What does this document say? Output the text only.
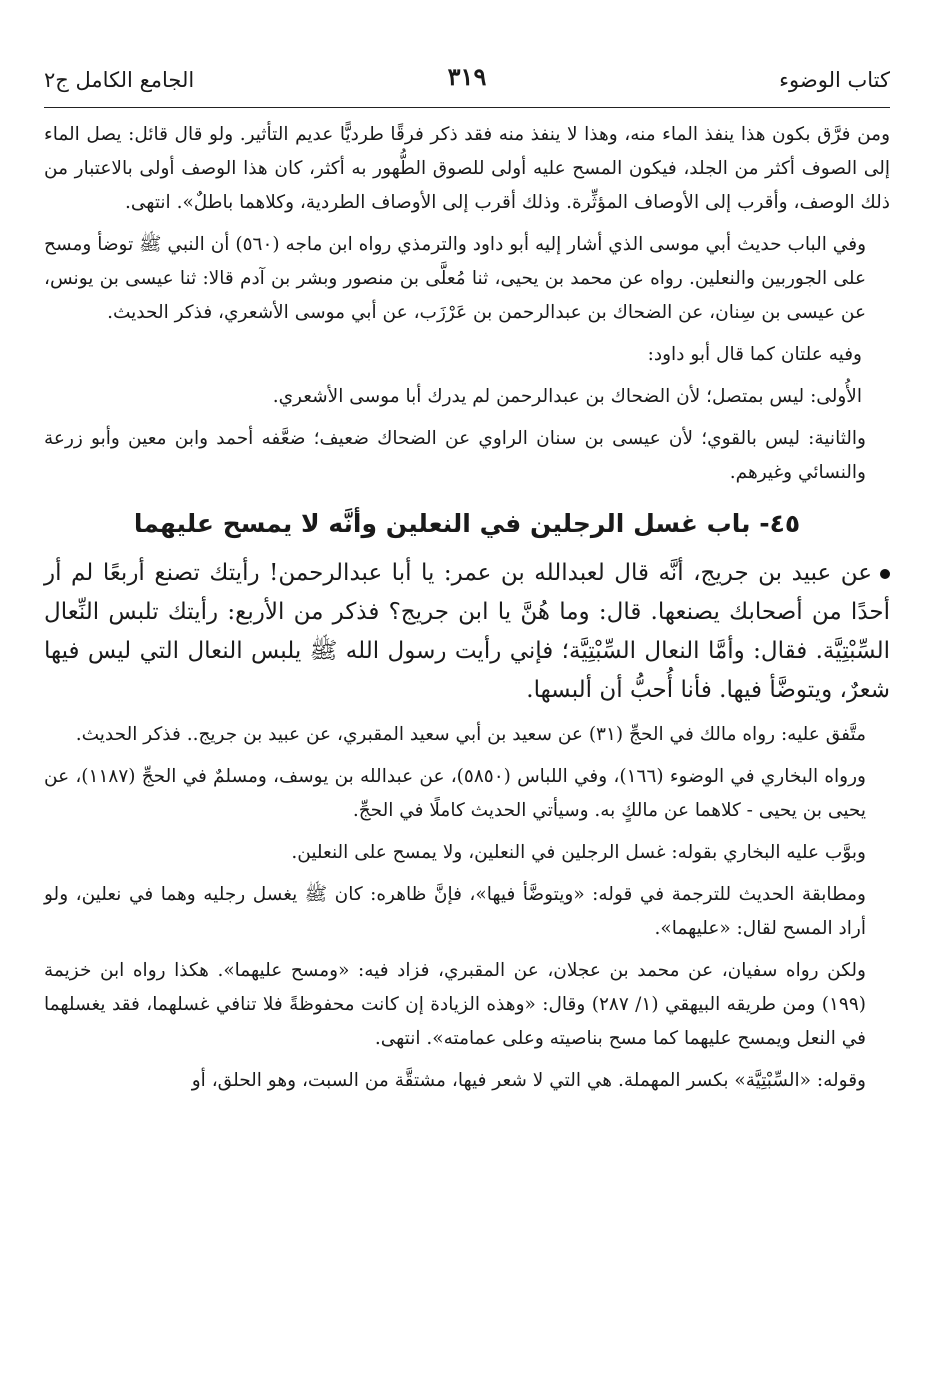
كتاب الوضوء
٣١٩
الجامع الكامل ج٢

ومن فرَّق بكون هذا ينفذ الماء منه، وهذا لا ينفذ منه فقد ذكر فرقًا طرديًّا عديم التأثير. ولو قال قائل: يصل الماء إلى الصوف أكثر من الجلد، فيكون المسح عليه أولى للصوق الطُّهور به أكثر، كان هذا الوصف أولى بالاعتبار من ذلك الوصف، وأقرب إلى الأوصاف المؤثِّرة. وذلك أقرب إلى الأوصاف الطردية، وكلاهما باطلٌ». انتهى.

وفي الباب حديث أبي موسى الذي أشار إليه أبو داود والترمذي رواه ابن ماجه (٥٦٠) أن النبي ﷺ توضأ ومسح على الجوربين والنعلين. رواه عن محمد بن يحيى، ثنا مُعلَّى بن منصور وبشر بن آدم قالا: ثنا عيسى بن يونس، عن عيسى بن سِنان، عن الضحاك بن عبدالرحمن بن عَرْزَب، عن أبي موسى الأشعري، فذكر الحديث.

وفيه علتان كما قال أبو داود:

الأُولى: ليس بمتصل؛ لأن الضحاك بن عبدالرحمن لم يدرك أبا موسى الأشعري.

والثانية: ليس بالقوي؛ لأن عيسى بن سنان الراوي عن الضحاك ضعيف؛ ضعَّفه أحمد وابن معين وأبو زرعة والنسائي وغيرهم.

٤٥- باب غسل الرجلين في النعلين وأنَّه لا يمسح عليهما

عن عبيد بن جريج، أنَّه قال لعبدالله بن عمر: يا أبا عبدالرحمن! رأيتك تصنع أربعًا لم أر أحدًا من أصحابك يصنعها. قال: وما هُنَّ يا ابن جريج؟ فذكر من الأربع: رأيتك تلبس النِّعال السِّبْتِيَّة. فقال: وأمَّا النعال السِّبْتِيَّة؛ فإني رأيت رسول الله ﷺ يلبس النعال التي ليس فيها شعرٌ، ويتوضَّأ فيها. فأنا أُحبُّ أن ألبسها.

متَّفق عليه: رواه مالك في الحجِّ (٣١) عن سعيد بن أبي سعيد المقبري، عن عبيد بن جريج.. فذكر الحديث.

ورواه البخاري في الوضوء (١٦٦)، وفي اللباس (٥٨٥٠)، عن عبدالله بن يوسف، ومسلمٌ في الحجِّ (١١٨٧)، عن يحيى بن يحيى - كلاهما عن مالكٍ به. وسيأتي الحديث كاملًا في الحجِّ.

وبوَّب عليه البخاري بقوله: غسل الرجلين في النعلين، ولا يمسح على النعلين.

ومطابقة الحديث للترجمة في قوله: «ويتوضَّأ فيها»، فإنَّ ظاهره: كان ﷺ يغسل رجليه وهما في نعلين، ولو أراد المسح لقال: «عليهما».

ولكن رواه سفيان، عن محمد بن عجلان، عن المقبري، فزاد فيه: «ومسح عليهما». هكذا رواه ابن خزيمة (١٩٩) ومن طريقه البيهقي (١/ ٢٨٧) وقال: «وهذه الزيادة إن كانت محفوظةً فلا تنافي غسلهما، فقد يغسلهما في النعل ويمسح عليهما كما مسح بناصيته وعلى عمامته». انتهى.

وقوله: «السِّبْتِيَّة» بكسر المهملة. هي التي لا شعر فيها، مشتقَّة من السبت، وهو الحلق، أو
